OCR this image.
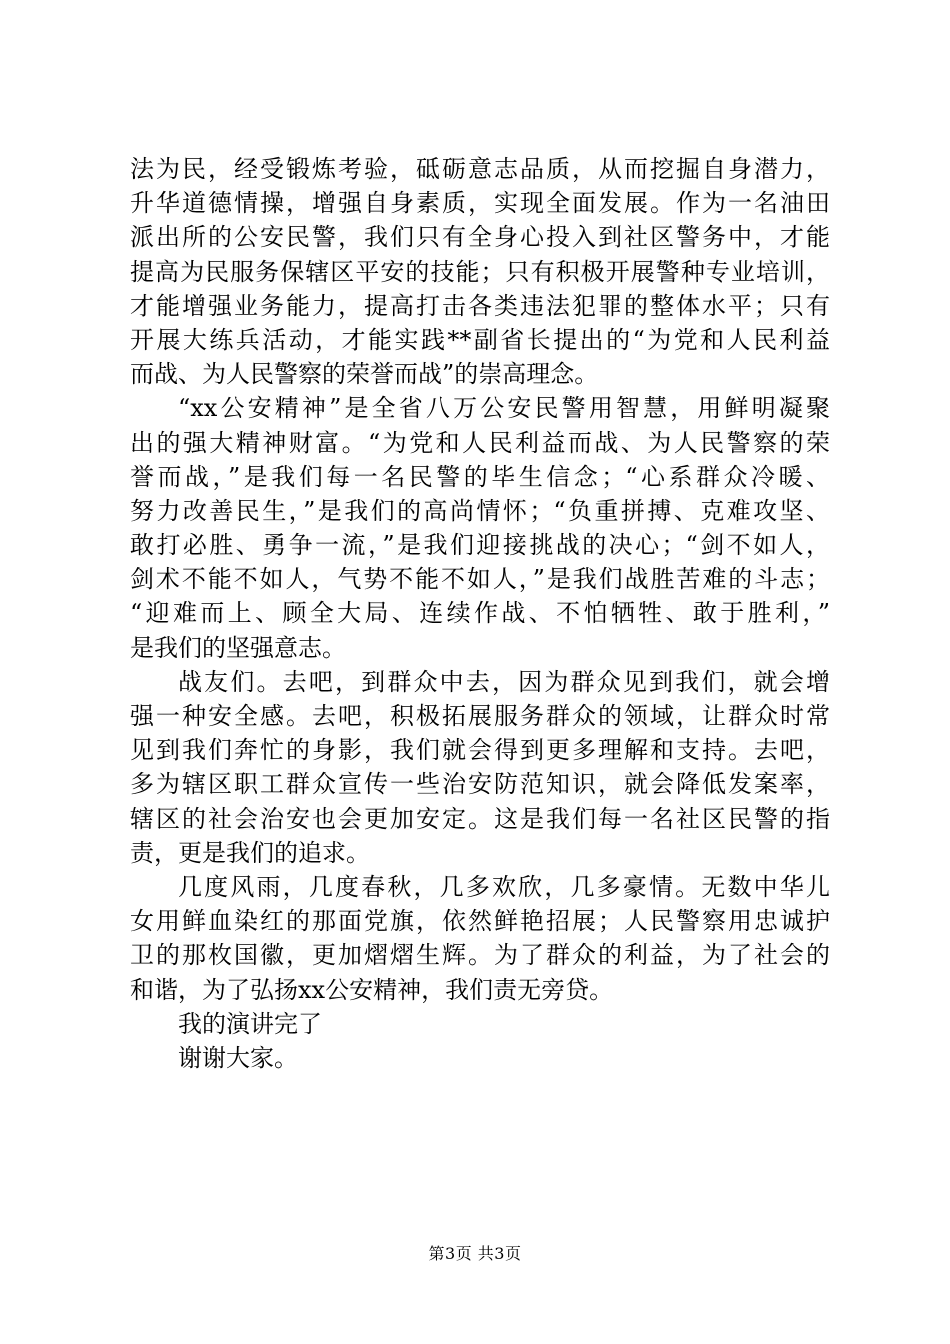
法为民，经受锻炼考验，砥砺意志品质，从而挖掘自身潜力，
升华道德情操，增强自身素质，实现全面发展。作为一名油田
派出所的公安民警，我们只有全身心投入到社区警务中，才能
提高为民服务保辖区平安的技能；只有积极开展警种专业培训，
才能增强业务能力，提高打击各类违法犯罪的整体水平；只有
开展大练兵活动，才能实践**副省长提出的“为党和人民利益
而战、为人民警察的荣誉而战”的崇高理念。
“xx公安精神”是全省八万公安民警用智慧，用鲜明凝聚
出的强大精神财富。“为党和人民利益而战、为人民警察的荣
誉而战，”是我们每一名民警的毕生信念；“心系群众冷暖、
努力改善民生，”是我们的高尚情怀；“负重拼搏、克难攻坚、
敢打必胜、勇争一流，”是我们迎接挑战的决心；“剑不如人，
剑术不能不如人，气势不能不如人，”是我们战胜苦难的斗志；
“迎难而上、顾全大局、连续作战、不怕牺牲、敢于胜利，”
是我们的坚强意志。
战友们。去吧，到群众中去，因为群众见到我们，就会增
强一种安全感。去吧，积极拓展服务群众的领域，让群众时常
见到我们奔忙的身影，我们就会得到更多理解和支持。去吧，
多为辖区职工群众宣传一些治安防范知识，就会降低发案率，
辖区的社会治安也会更加安定。这是我们每一名社区民警的指
责，更是我们的追求。
几度风雨，几度春秋，几多欢欣，几多豪情。无数中华儿
女用鲜血染红的那面党旗，依然鲜艳招展；人民警察用忠诚护
卫的那枚国徽，更加熠熠生辉。为了群众的利益，为了社会的
和谐，为了弘扬xx公安精神，我们责无旁贷。
我的演讲完了
谢谢大家。
第3页 共3页
